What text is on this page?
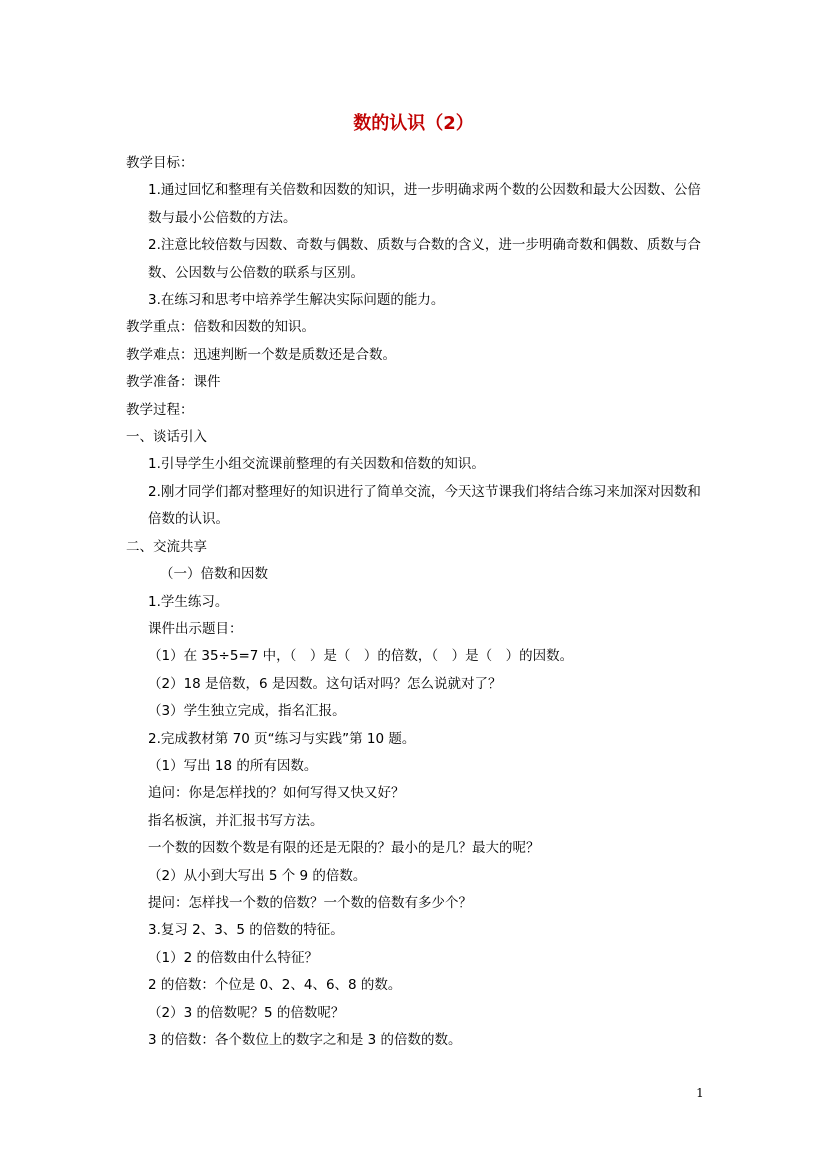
数的认识（2）

教学目标：

1.通过回忆和整理有关倍数和因数的知识，进一步明确求两个数的公因数和最大公因数、公倍数与最小公倍数的方法。

2.注意比较倍数与因数、奇数与偶数、质数与合数的含义，进一步明确奇数和偶数、质数与合数、公因数与公倍数的联系与区别。

3.在练习和思考中培养学生解决实际问题的能力。

教学重点：倍数和因数的知识。

教学难点：迅速判断一个数是质数还是合数。

教学准备：课件

教学过程：

一、谈话引入

1.引导学生小组交流课前整理的有关因数和倍数的知识。

2.刚才同学们都对整理好的知识进行了简单交流，今天这节课我们将结合练习来加深对因数和倍数的认识。

二、交流共享

（一）倍数和因数

1.学生练习。

课件出示题目：

（1）在 35÷5=7 中，（　）是（　）的倍数，（　）是（　）的因数。

（2）18 是倍数，6 是因数。这句话对吗？怎么说就对了？

（3）学生独立完成，指名汇报。

2.完成教材第 70 页“练习与实践”第 10 题。

（1）写出 18 的所有因数。

追问：你是怎样找的？如何写得又快又好？

指名板演，并汇报书写方法。

一个数的因数个数是有限的还是无限的？最小的是几？最大的呢？

（2）从小到大写出 5 个 9 的倍数。

提问：怎样找一个数的倍数？一个数的倍数有多少个？

3.复习 2、3、5 的倍数的特征。

（1）2 的倍数由什么特征？

2 的倍数：个位是 0、2、4、6、8 的数。

（2）3 的倍数呢？5 的倍数呢？

3 的倍数：各个数位上的数字之和是 3 的倍数的数。

1
